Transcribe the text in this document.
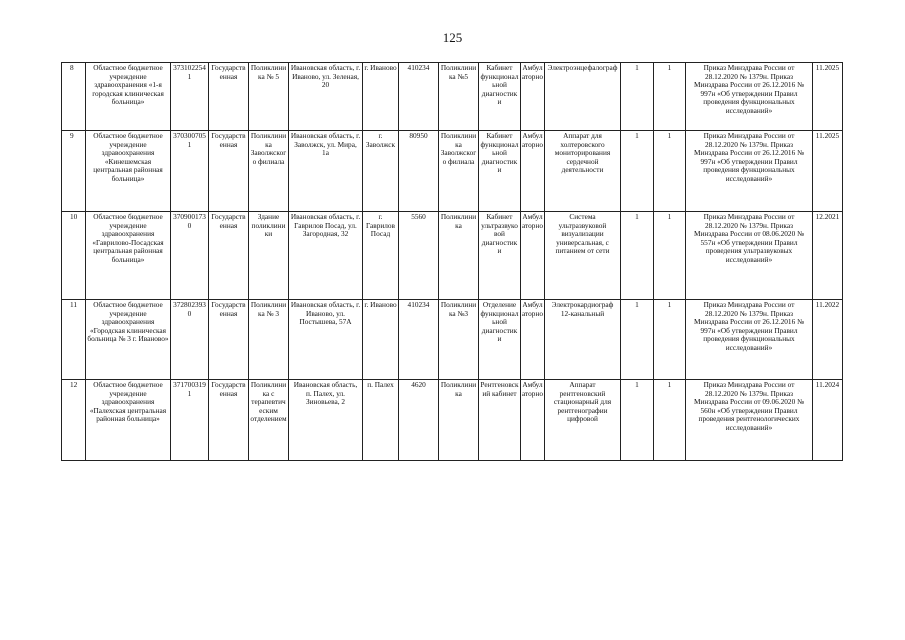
125
8	Областное бюджетное учреждение здравоохранения «1-я городская клиническая больница»	3731022541	Государственная	Поликлиника № 5	Ивановская область, г. Иваново, ул. Зеленая, 20	г. Иваново	410234	Поликлиника №5	Кабинет функциональной диагностики	Амбулаторно	Электроэнцефалограф	1	1	Приказ Минздрава России от 28.12.2020 № 1379н. Приказ Минздрава России от 26.12.2016 № 997н «Об утверждении Правил проведения функциональных исследований»	11.2025
9	Областное бюджетное учреждение здравоохранения «Кинешемская центральная районная больница»	3703007051	Государственная	Поликлиника Заволжского филиала	Ивановская область, г. Заволжск, ул. Мира, 1а	г. Заволжск	80950	Поликлиника Заволжского филиала	Кабинет функциональной диагностики	Амбулаторно	Аппарат для холтеровского мониторирования сердечной деятельности	1	1	Приказ Минздрава России от 28.12.2020 № 1379н. Приказ Минздрава России от 26.12.2016 № 997н «Об утверждении Правил проведения функциональных исследований»	11.2025
10	Областное бюджетное учреждение здравоохранения «Гаврилово-Посадская центральная районная больница»	3709001730	Государственная	Здание поликлиники	Ивановская область, г. Гаврилов Посад, ул. Загородная, 32	г. Гаврилов Посад	5560	Поликлиника	Кабинет ультразвуковой диагностики	Амбулаторно	Система ультразвуковой визуализации универсальная, с питанием от сети	1	1	Приказ Минздрава России от 28.12.2020 № 1379н. Приказ Минздрава России от 08.06.2020 № 557н «Об утверждении Правил проведения ультразвуковых исследований»	12.2021
11	Областное бюджетное учреждение здравоохранения «Городская клиническая больница № 3 г. Иваново»	3728023930	Государственная	Поликлиника № 3	Ивановская область, г. Иваново, ул. Постышева, 57А	г. Иваново	410234	Поликлиника №3	Отделение функциональной диагностики	Амбулаторно	Электрокардиограф 12-канальный	1	1	Приказ Минздрава России от 28.12.2020 № 1379н. Приказ Минздрава России от 26.12.2016 № 997н «Об утверждении Правил проведения функциональных исследований»	11.2022
12	Областное бюджетное учреждение здравоохранения «Палехская центральная районная больница»	3717003191	Государственная	Поликлиника с терапевтическим отделением	Ивановская область, п. Палех, ул. Зиновьева, 2	п. Палех	4620	Поликлиника	Рентгеновский кабинет	Амбулаторно	Аппарат рентгеновский стационарный для рентгенографии цифровой	1	1	Приказ Минздрава России от 28.12.2020 № 1379н. Приказ Минздрава России от 09.06.2020 № 560н «Об утверждении Правил проведения рентгенологических исследований»	11.2024
